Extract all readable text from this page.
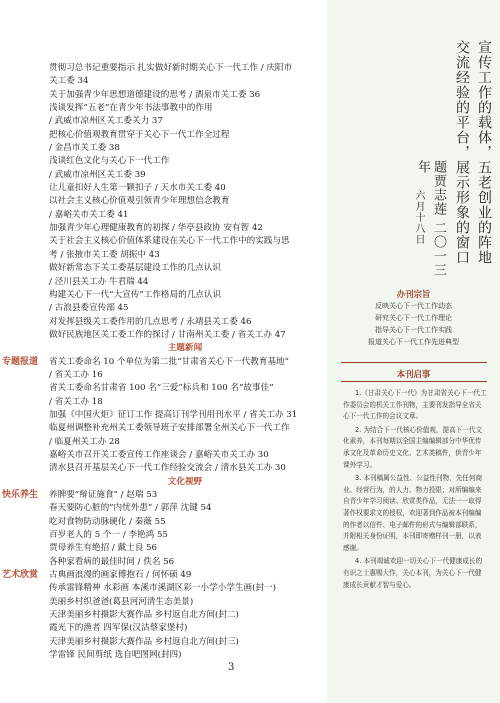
贯彻习总书记重要指示 扎实做好新时期关心下一代工作 / 庆阳市
关工委 34
关于加强青少年思想道德建设的思考 / 酒泉市关工委 36
浅谈发挥“五老”在青少年书法事教中的作用
/ 武威市凉州区关工委关力 37
把核心价值观教育贯穿于关心下一代工作全过程
/ 金昌市关工委 38
浅谈红色文化与关心下一代工作
/ 武威市凉州区关工委 39
让儿童扣好人生第一颗扣子 / 天水市关工委 40
以社会主义核心价值观引领青少年理想信念教育
/ 嘉峪关市关工委 41
加强青少年心理健康教育的初探 / 华亭县政协 安有智 42
关于社会主义核心价值体系建设在关心下一代工作中的实践与思
考 / 张掖市关工委 胡振中 43
做好新常态下关工委基层建设工作的几点认识
/ 泾川县关工办 牛君瑞 44
构建关心下一代“大宣传”工作格局的几点认识
/ 古浪县委宣传部 45
对发挥县级关工委作用的几点思考 / 永靖县关工委 46
做好民族地区关工委工作的探讨 / 甘南州关工委 / 省关工办 47
主题新闻
专题报道	省关工委命名 10 个单位为第二批“甘肃省关心下一代教育基地”
/ 省关工办 16
省关工委命名甘肃省 100 名“三爱”标兵和 100 名“故事佳”
/ 省关工办 18
加强《中国火炬》征订工作 提高订刊学刊用刊水平 / 省关工办 31
临夏州调整补充州关工委领导班子安排部署全州关心下一代工作
/ 临夏州关工办 28
嘉峪关市召开关工委宣传工作座谈会 / 嘉峪关市关工办 30
清水县召开基层关心下一代工作经验交流会 / 清水县关工办 30
文化视野
快乐养生	养脾要“辩证施食” / 赵瑞 53
春天要防心脏的“内忧外患” / 郭萍 沈键 54
吃对食物防动脉硬化 / 秦薇 55
百岁老人的 5 个一 / 李艳鸿 55
贾母养生有绝招 / 戴士良 56
各种家看病的最佳时间 / 佚名 56
艺术欣赏	古典画浪漫的画家傅抱石 / 何怀硕 49
传承雷锋精神 水彩画 本溪市溪湖区彩一小学小学生画(封一)
美丽乡村织爸爸(葛县河河清生态美景)
天津美丽乡村摄影大赛作品 乡村返自北方间(封二)
霞光下的渔者 四军保(汉沽蔡家堡村)
天津美丽乡村摄影大赛作品 乡村返自北方间(封三)
学雷锋 民间剪纸 选自吧图网(封四)
宣传工作的载体，五老创业的阵地
交流经验的平台，展示形象的窗口
题贾志莲 二〇一三年
六月十八日
办刊宗旨
反映关心下一代工作动态
研究关心下一代工作理论
指导关心下一代工作实践
报道关心下一代工作先进典型
本刊启事

1.《甘肃关心下一代》为甘肃省关心下一代工作委员会的机关工作刊物，主要刊发指导全省关心下一代工作的会议文章。

2. 为结合下一代核心价值观，提高下一代文化素养，本刊每期以全国主编编辑部分中华优传承文化及革命历史文化、艺术类稿件，供青少年课外学习。

3. 本刊稿属公益性、公益性刊物，先任何商业、经营行为，的人力、物力投限；对所编编来自青少年学习阅读、欣赏类作品，无法一一取得著作权要求文的授权，欢迎著到作品被本刊编编的作者以信件、电子邮件的形式与编辑部联系，并附相关身份证明，本刊即寄赠样刊一册，以表感谢。

4. 本刊竭诚欢迎一切关心下一代健康成长的有识之士惠赐大作，关心本刊，为关心下一代健康成长贡献才智与爱心。

3
